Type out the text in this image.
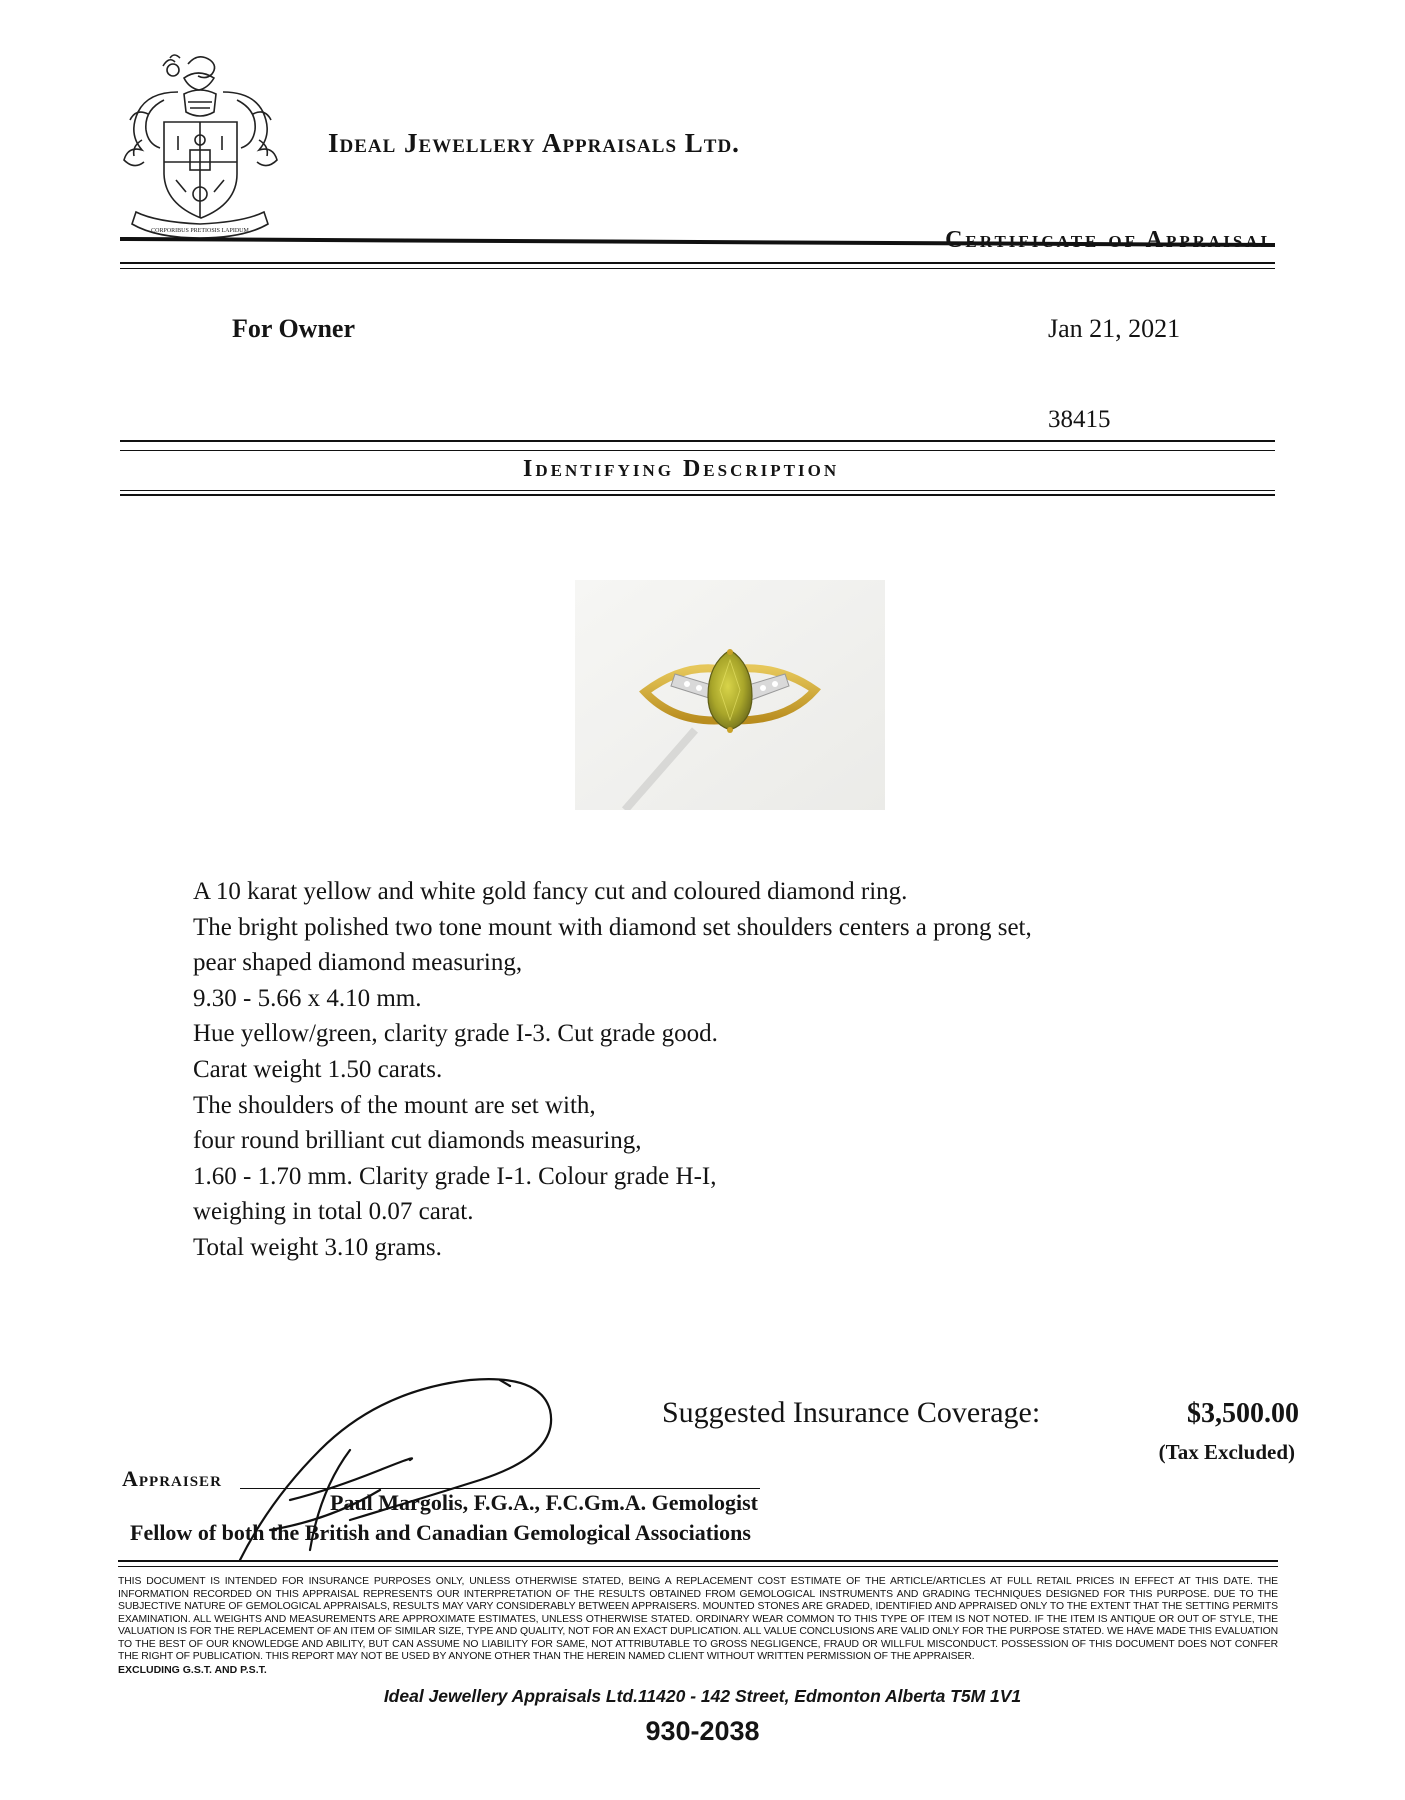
CORPORIBUS PRETIOSIS LAPIDUM
Ideal Jewellery Appraisals Ltd.
Certificate of Appraisal
For Owner	Jan 21, 2021
38415
Identifying Description
A 10 karat yellow and white gold fancy cut and coloured diamond ring.
The bright polished two tone mount with diamond set shoulders centers a prong set,
pear shaped diamond measuring,
9.30 - 5.66 x 4.10 mm.
Hue yellow/green, clarity grade I-3. Cut grade good.
Carat weight 1.50 carats.
The shoulders of the mount are set with,
four round brilliant cut diamonds measuring,
1.60 - 1.70 mm. Clarity grade I-1. Colour grade H-I,
weighing in total 0.07 carat.
Total weight 3.10 grams.
Suggested Insurance Coverage:	$3,500.00
(Tax Excluded)
Appraiser
Paul Margolis, F.G.A., F.C.Gm.A. Gemologist
Fellow of both the British and Canadian Gemological Associations
THIS DOCUMENT IS INTENDED FOR INSURANCE PURPOSES ONLY, UNLESS OTHERWISE STATED, BEING A REPLACEMENT COST ESTIMATE OF THE ARTICLE/ARTICLES AT FULL RETAIL PRICES IN EFFECT AT THIS DATE. THE INFORMATION RECORDED ON THIS APPRAISAL REPRESENTS OUR INTERPRETATION OF THE RESULTS OBTAINED FROM GEMOLOGICAL INSTRUMENTS AND GRADING TECHNIQUES DESIGNED FOR THIS PURPOSE. DUE TO THE SUBJECTIVE NATURE OF GEMOLOGICAL APPRAISALS, RESULTS MAY VARY CONSIDERABLY BETWEEN APPRAISERS. MOUNTED STONES ARE GRADED, IDENTIFIED AND APPRAISED ONLY TO THE EXTENT THAT THE SETTING PERMITS EXAMINATION. ALL WEIGHTS AND MEASUREMENTS ARE APPROXIMATE ESTIMATES, UNLESS OTHERWISE STATED. ORDINARY WEAR COMMON TO THIS TYPE OF ITEM IS NOT NOTED. IF THE ITEM IS ANTIQUE OR OUT OF STYLE, THE VALUATION IS FOR THE REPLACEMENT OF AN ITEM OF SIMILAR SIZE, TYPE AND QUALITY, NOT FOR AN EXACT DUPLICATION. ALL VALUE CONCLUSIONS ARE VALID ONLY FOR THE PURPOSE STATED. WE HAVE MADE THIS EVALUATION TO THE BEST OF OUR KNOWLEDGE AND ABILITY, BUT CAN ASSUME NO LIABILITY FOR SAME, NOT ATTRIBUTABLE TO GROSS NEGLIGENCE, FRAUD OR WILLFUL MISCONDUCT. POSSESSION OF THIS DOCUMENT DOES NOT CONFER THE RIGHT OF PUBLICATION. THIS REPORT MAY NOT BE USED BY ANYONE OTHER THAN THE HEREIN NAMED CLIENT WITHOUT WRITTEN PERMISSION OF THE APPRAISER.
EXCLUDING G.S.T. AND P.S.T.
Ideal Jewellery Appraisals Ltd.11420 - 142 Street, Edmonton Alberta T5M 1V1
930-2038
